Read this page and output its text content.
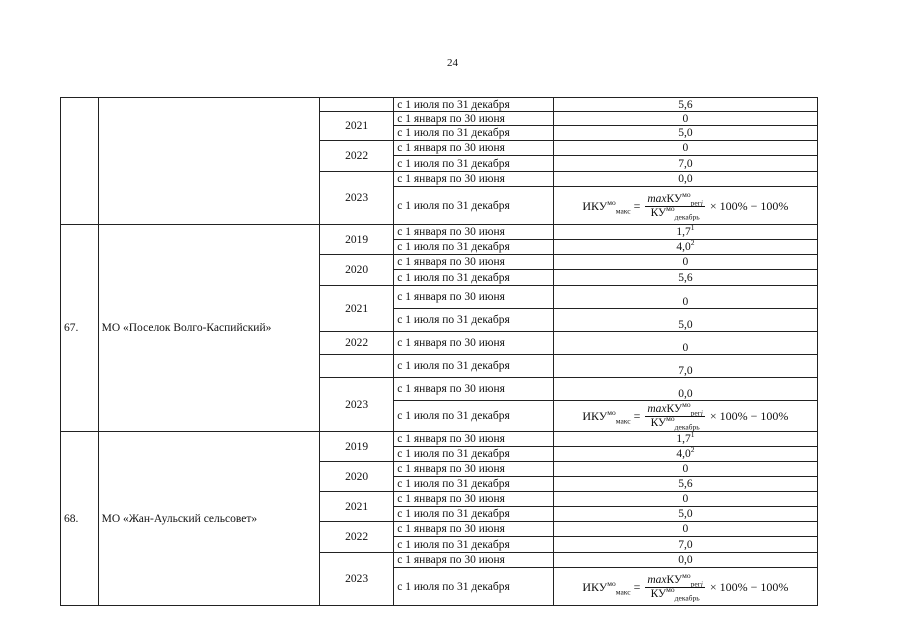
24
			с 1 июля по 31 декабря	5,6
		2021	с 1 января по 30 июня	0
			с 1 июля по 31 декабря	5,0
		2022	с 1 января по 30 июня	0
			с 1 июля по 31 декабря	7,0
		2023	с 1 января по 30 июня	0,0
			с 1 июля по 31 декабря	$ИКУ^{мо}_{макс} = \frac{\max КУ^{мо}_{регj}}{КУ^{мо}_{декабрь}} \times 100\% - 100\%$

67.	МО «Поселок Волго-Каспийский»	2019	с 1 января по 30 июня	1,7$^1$
			с 1 июля по 31 декабря	4,0$^2$
		2020	с 1 января по 30 июня	0
			с 1 июля по 31 декабря	5,6
		2021	с 1 января по 30 июня	0
			с 1 июля по 31 декабря	5,0
		2022	с 1 января по 30 июня	0
			с 1 июля по 31 декабря	7,0
		2023	с 1 января по 30 июня	0,0
			с 1 июля по 31 декабря	$ИКУ^{мо}_{макс} = \frac{\max КУ^{мо}_{регj}}{КУ^{мо}_{декабрь}} \times 100\% - 100\%$

68.	МО «Жан-Аульский сельсовет»	2019	с 1 января по 30 июня	1,7$^1$
			с 1 июля по 31 декабря	4,0$^2$
		2020	с 1 января по 30 июня	0
			с 1 июля по 31 декабря	5,6
		2021	с 1 января по 30 июня	0
			с 1 июля по 31 декабря	5,0
		2022	с 1 января по 30 июня	0
			с 1 июля по 31 декабря	7,0
		2023	с 1 января по 30 июня	0,0
			с 1 июля по 31 декабря	$ИКУ^{мо}_{макс} = \frac{\max КУ^{мо}_{регj}}{КУ^{мо}_{декабрь}} \times 100\% - 100\%$
